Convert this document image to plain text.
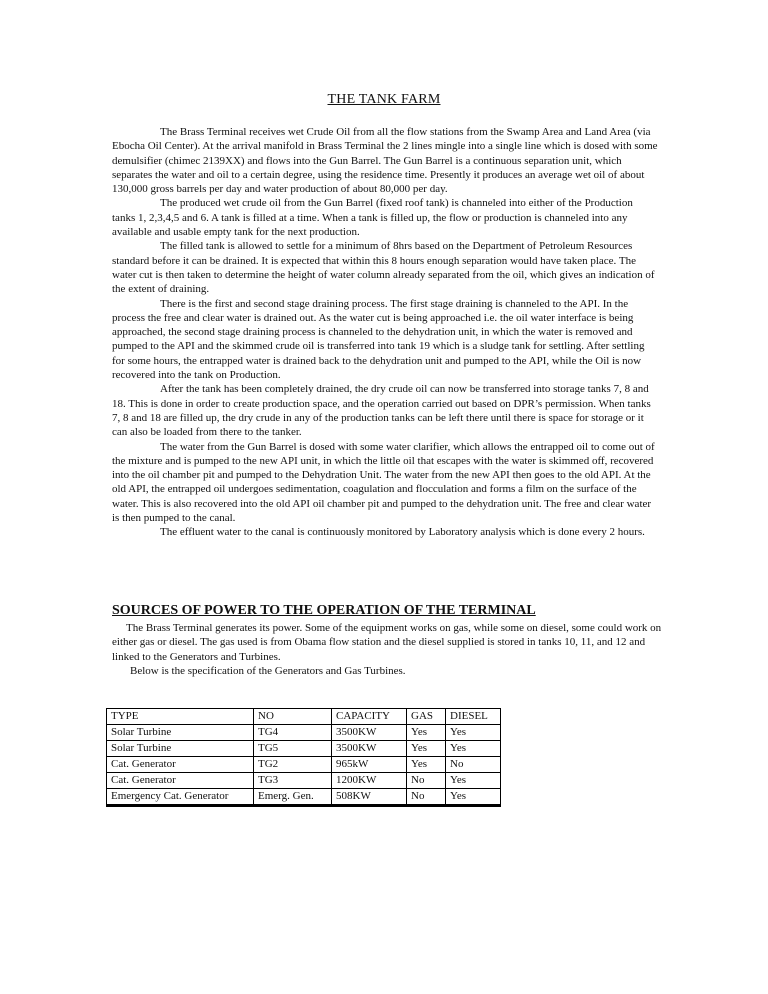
THE TANK FARM

The Brass Terminal receives wet Crude Oil from all the flow stations from the Swamp Area and Land Area (via Ebocha Oil Center). At the arrival manifold in Brass Terminal the 2 lines mingle into a single line which is dosed with some demulsifier (chimec 2139XX) and flows into the Gun Barrel. The Gun Barrel is a continuous separation unit, which separates the water and oil to a certain degree, using the residence time. Presently it produces an average wet oil of about 130,000 gross barrels per day and water production of about 80,000 per day.

The produced wet crude oil from the Gun Barrel (fixed roof tank) is channeled into either of the Production tanks 1, 2,3,4,5 and 6. A tank is filled at a time. When a tank is filled up, the flow or production is channeled into any available and usable empty tank for the next production.

The filled tank is allowed to settle for a minimum of 8hrs based on the Department of Petroleum Resources standard before it can be drained. It is expected that within this 8 hours enough separation would have taken place. The water cut is then taken to determine the height of water column already separated from the oil, which gives an indication of the extent of draining.

There is the first and second stage draining process. The first stage draining is channeled to the API. In the process the free and clear water is drained out. As the water cut is being approached i.e. the oil water interface is being approached, the second stage draining process is channeled to the dehydration unit, in which the water is removed and pumped to the API and the skimmed crude oil is transferred into tank 19 which is a sludge tank for settling. After settling for some hours, the entrapped water is drained back to the dehydration unit and pumped to the API, while the Oil is now recovered into the tank on Production.

After the tank has been completely drained, the dry crude oil can now be transferred into storage tanks 7, 8 and 18. This is done in order to create production space, and the operation carried out based on DPR’s permission. When tanks 7, 8 and 18 are filled up, the dry crude in any of the production tanks can be left there until there is space for storage or it can also be loaded from there to the tanker.

The water from the Gun Barrel is dosed with some water clarifier, which allows the entrapped oil to come out of the mixture and is pumped to the new API unit, in which the little oil that escapes with the water is skimmed off, recovered into the oil chamber pit and pumped to the Dehydration Unit. The water from the new API then goes to the old API. At the old API, the entrapped oil undergoes sedimentation, coagulation and flocculation and forms a film on the surface of the water. This is also recovered into the old API oil chamber pit and pumped to the dehydration unit. The free and clear water is then pumped to the canal.

The effluent water to the canal is continuously monitored by Laboratory analysis which is done every 2 hours.

SOURCES OF POWER TO THE OPERATION OF THE TERMINAL

The Brass Terminal generates its power. Some of the equipment works on gas, while some on diesel, some could work on either gas or diesel. The gas used is from Obama flow station and the diesel supplied is stored in tanks 10, 11, and 12 and linked to the Generators and Turbines.

Below is the specification of the Generators and Gas Turbines.

TYPE	NO	CAPACITY	GAS	DIESEL
Solar Turbine	TG4	3500KW	Yes	Yes
Solar Turbine	TG5	3500KW	Yes	Yes
Cat. Generator	TG2	965kW	Yes	No
Cat. Generator	TG3	1200KW	No	Yes
Emergency Cat. Generator	Emerg. Gen.	508KW	No	Yes
